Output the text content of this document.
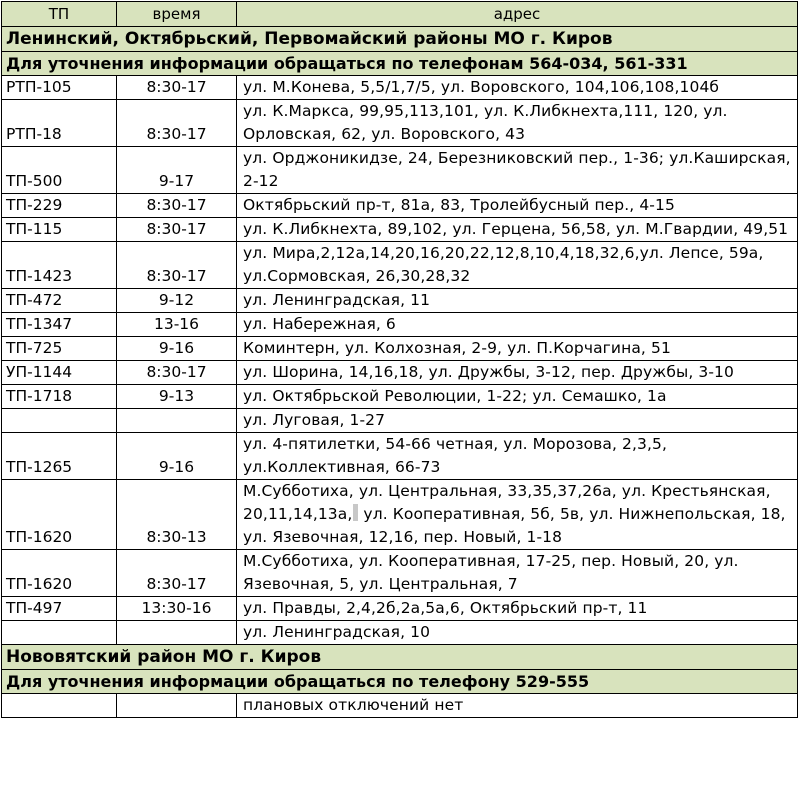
ТП	время	адрес
Ленинский, Октябрьский, Первомайский районы МО г. Киров		
Для уточнения информации обращаться по телефонам 564-034, 561-331		
РТП-105	8:30-17	ул. М.Конева, 5,5/1,7/5, ул. Воровского, 104,106,108,104б
РТП-18	8:30-17	ул. К.Маркса, 99,95,113,101, ул. К.Либкнехта,111, 120, ул. Орловская, 62, ул. Воровского, 43
ТП-500	9-17	ул. Орджоникидзе, 24, Березниковский пер., 1-36; ул.Каширская, 2-12
ТП-229	8:30-17	Октябрьский пр-т, 81а, 83, Тролейбусный пер., 4-15
ТП-115	8:30-17	ул. К.Либкнехта, 89,102, ул. Герцена, 56,58, ул. М.Гвардии, 49,51
ТП-1423	8:30-17	ул. Мира,2,12а,14,20,16,20,22,12,8,10,4,18,32,6,ул. Лепсе, 59а, ул.Сормовская, 26,30,28,32
ТП-472	9-12	ул. Ленинградская, 11
ТП-1347	13-16	ул. Набережная, 6
ТП-725	9-16	Коминтерн, ул. Колхозная, 2-9, ул. П.Корчагина, 51
УП-1144	8:30-17	ул. Шорина, 14,16,18, ул. Дружбы, 3-12, пер. Дружбы, 3-10
ТП-1718	9-13	ул. Октябрьской Революции, 1-22; ул. Семашко, 1а
		ул. Луговая, 1-27
ТП-1265	9-16	ул. 4-пятилетки, 54-66 четная, ул. Морозова, 2,3,5, ул.Коллективная, 66-73
ТП-1620	8:30-13	М.Субботиха, ул. Центральная, 33,35,37,26а, ул. Крестьянская, 20,11,14,13а, ул. Кооперативная, 5б, 5в, ул. Нижнепольская, 18, ул. Язевочная, 12,16, пер. Новый, 1-18
ТП-1620	8:30-17	М.Субботиха, ул. Кооперативная, 17-25, пер. Новый, 20, ул. Язевочная, 5, ул. Центральная, 7
ТП-497	13:30-16	ул. Правды, 2,4,2б,2а,5а,6, Октябрьский пр-т, 11
		ул. Ленинградская, 10
Нововятский район МО г. Киров		
Для уточнения информации обращаться по телефону 529-555		
		плановых отключений нет
